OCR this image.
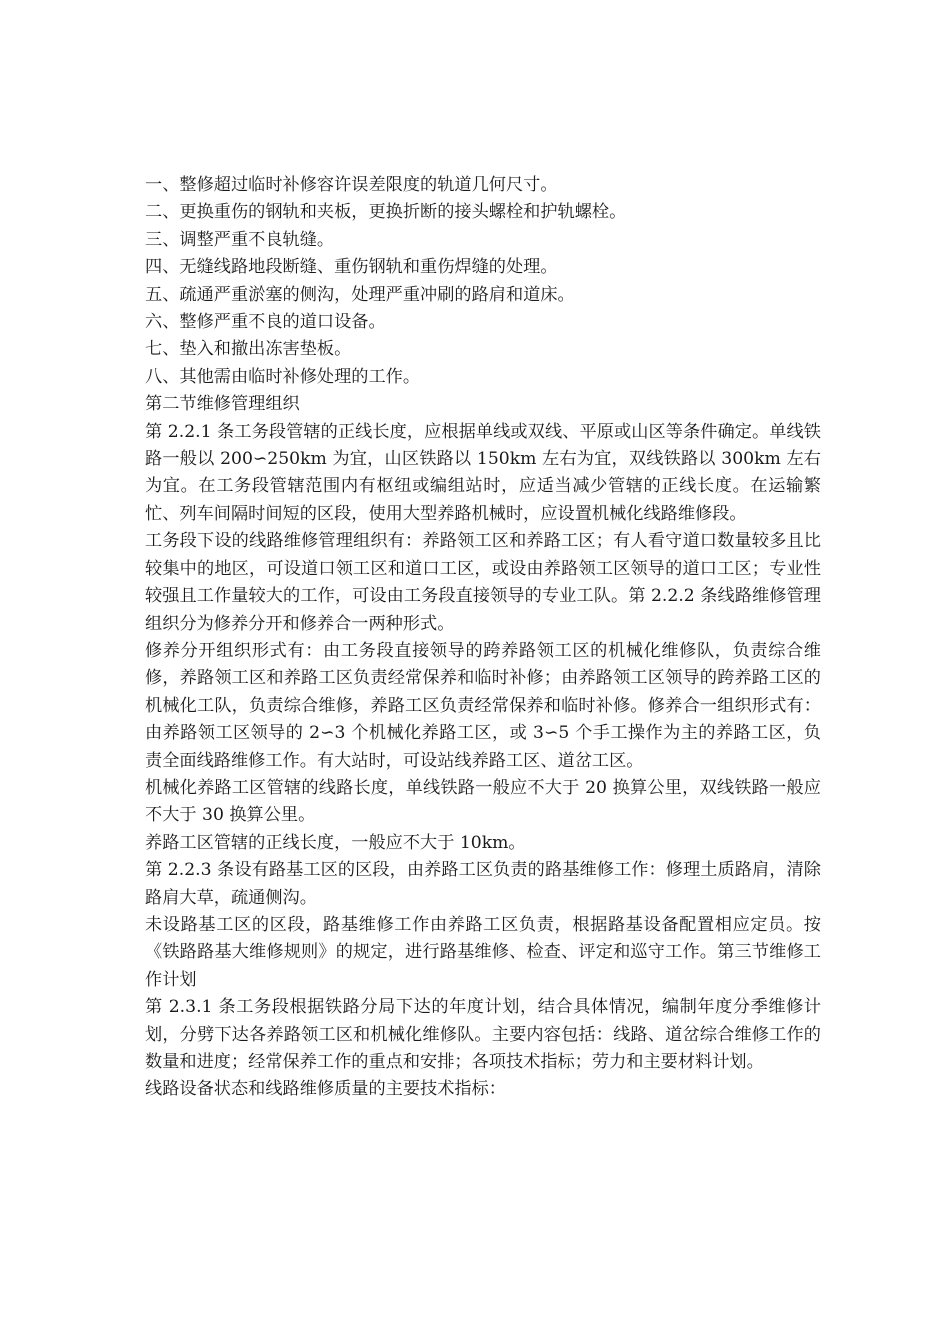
一、整修超过临时补修容许误差限度的轨道几何尺寸。

二、更换重伤的钢轨和夹板，更换折断的接头螺栓和护轨螺栓。

三、调整严重不良轨缝。

四、无缝线路地段断缝、重伤钢轨和重伤焊缝的处理。

五、疏通严重淤塞的侧沟，处理严重冲刷的路肩和道床。

六、整修严重不良的道口设备。

七、垫入和撤出冻害垫板。

八、其他需由临时补修处理的工作。

第二节维修管理组织

第 2.2.1 条工务段管辖的正线长度，应根据单线或双线、平原或山区等条件确定。单线铁路一般以 200∽250km 为宜，山区铁路以 150km 左右为宜，双线铁路以 300km 左右为宜。在工务段管辖范围内有枢纽或编组站时，应适当减少管辖的正线长度。在运输繁忙、列车间隔时间短的区段，使用大型养路机械时，应设置机械化线路维修段。

工务段下设的线路维修管理组织有：养路领工区和养路工区；有人看守道口数量较多且比较集中的地区，可设道口领工区和道口工区，或设由养路领工区领导的道口工区；专业性较强且工作量较大的工作，可设由工务段直接领导的专业工队。第 2.2.2 条线路维修管理组织分为修养分开和修养合一两种形式。

修养分开组织形式有：由工务段直接领导的跨养路领工区的机械化维修队，负责综合维修，养路领工区和养路工区负责经常保养和临时补修；由养路领工区领导的跨养路工区的机械化工队，负责综合维修，养路工区负责经常保养和临时补修。修养合一组织形式有：由养路领工区领导的 2∽3 个机械化养路工区，或 3∽5 个手工操作为主的养路工区，负责全面线路维修工作。有大站时，可设站线养路工区、道岔工区。

机械化养路工区管辖的线路长度，单线铁路一般应不大于 20 换算公里，双线铁路一般应不大于 30 换算公里。

养路工区管辖的正线长度，一般应不大于 10km。

第 2.2.3 条设有路基工区的区段，由养路工区负责的路基维修工作：修理土质路肩，清除路肩大草，疏通侧沟。

未设路基工区的区段，路基维修工作由养路工区负责，根据路基设备配置相应定员。按《铁路路基大维修规则》的规定，进行路基维修、检查、评定和巡守工作。第三节维修工作计划

第 2.3.1 条工务段根据铁路分局下达的年度计划，结合具体情况，编制年度分季维修计划，分劈下达各养路领工区和机械化维修队。主要内容包括：线路、道岔综合维修工作的数量和进度；经常保养工作的重点和安排；各项技术指标；劳力和主要材料计划。

线路设备状态和线路维修质量的主要技术指标：
